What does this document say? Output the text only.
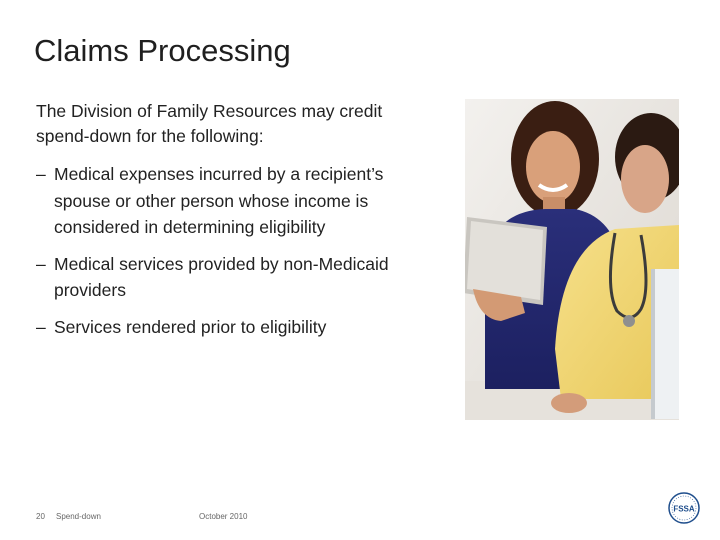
Claims Processing
The Division of Family Resources may credit spend-down for the following:
– Medical expenses incurred by a recipient’s spouse or other person whose income is considered in determining eligibility
– Medical services provided by non-Medicaid providers
– Services rendered prior to eligibility
20 Spend-down	October 2010
FSSA
